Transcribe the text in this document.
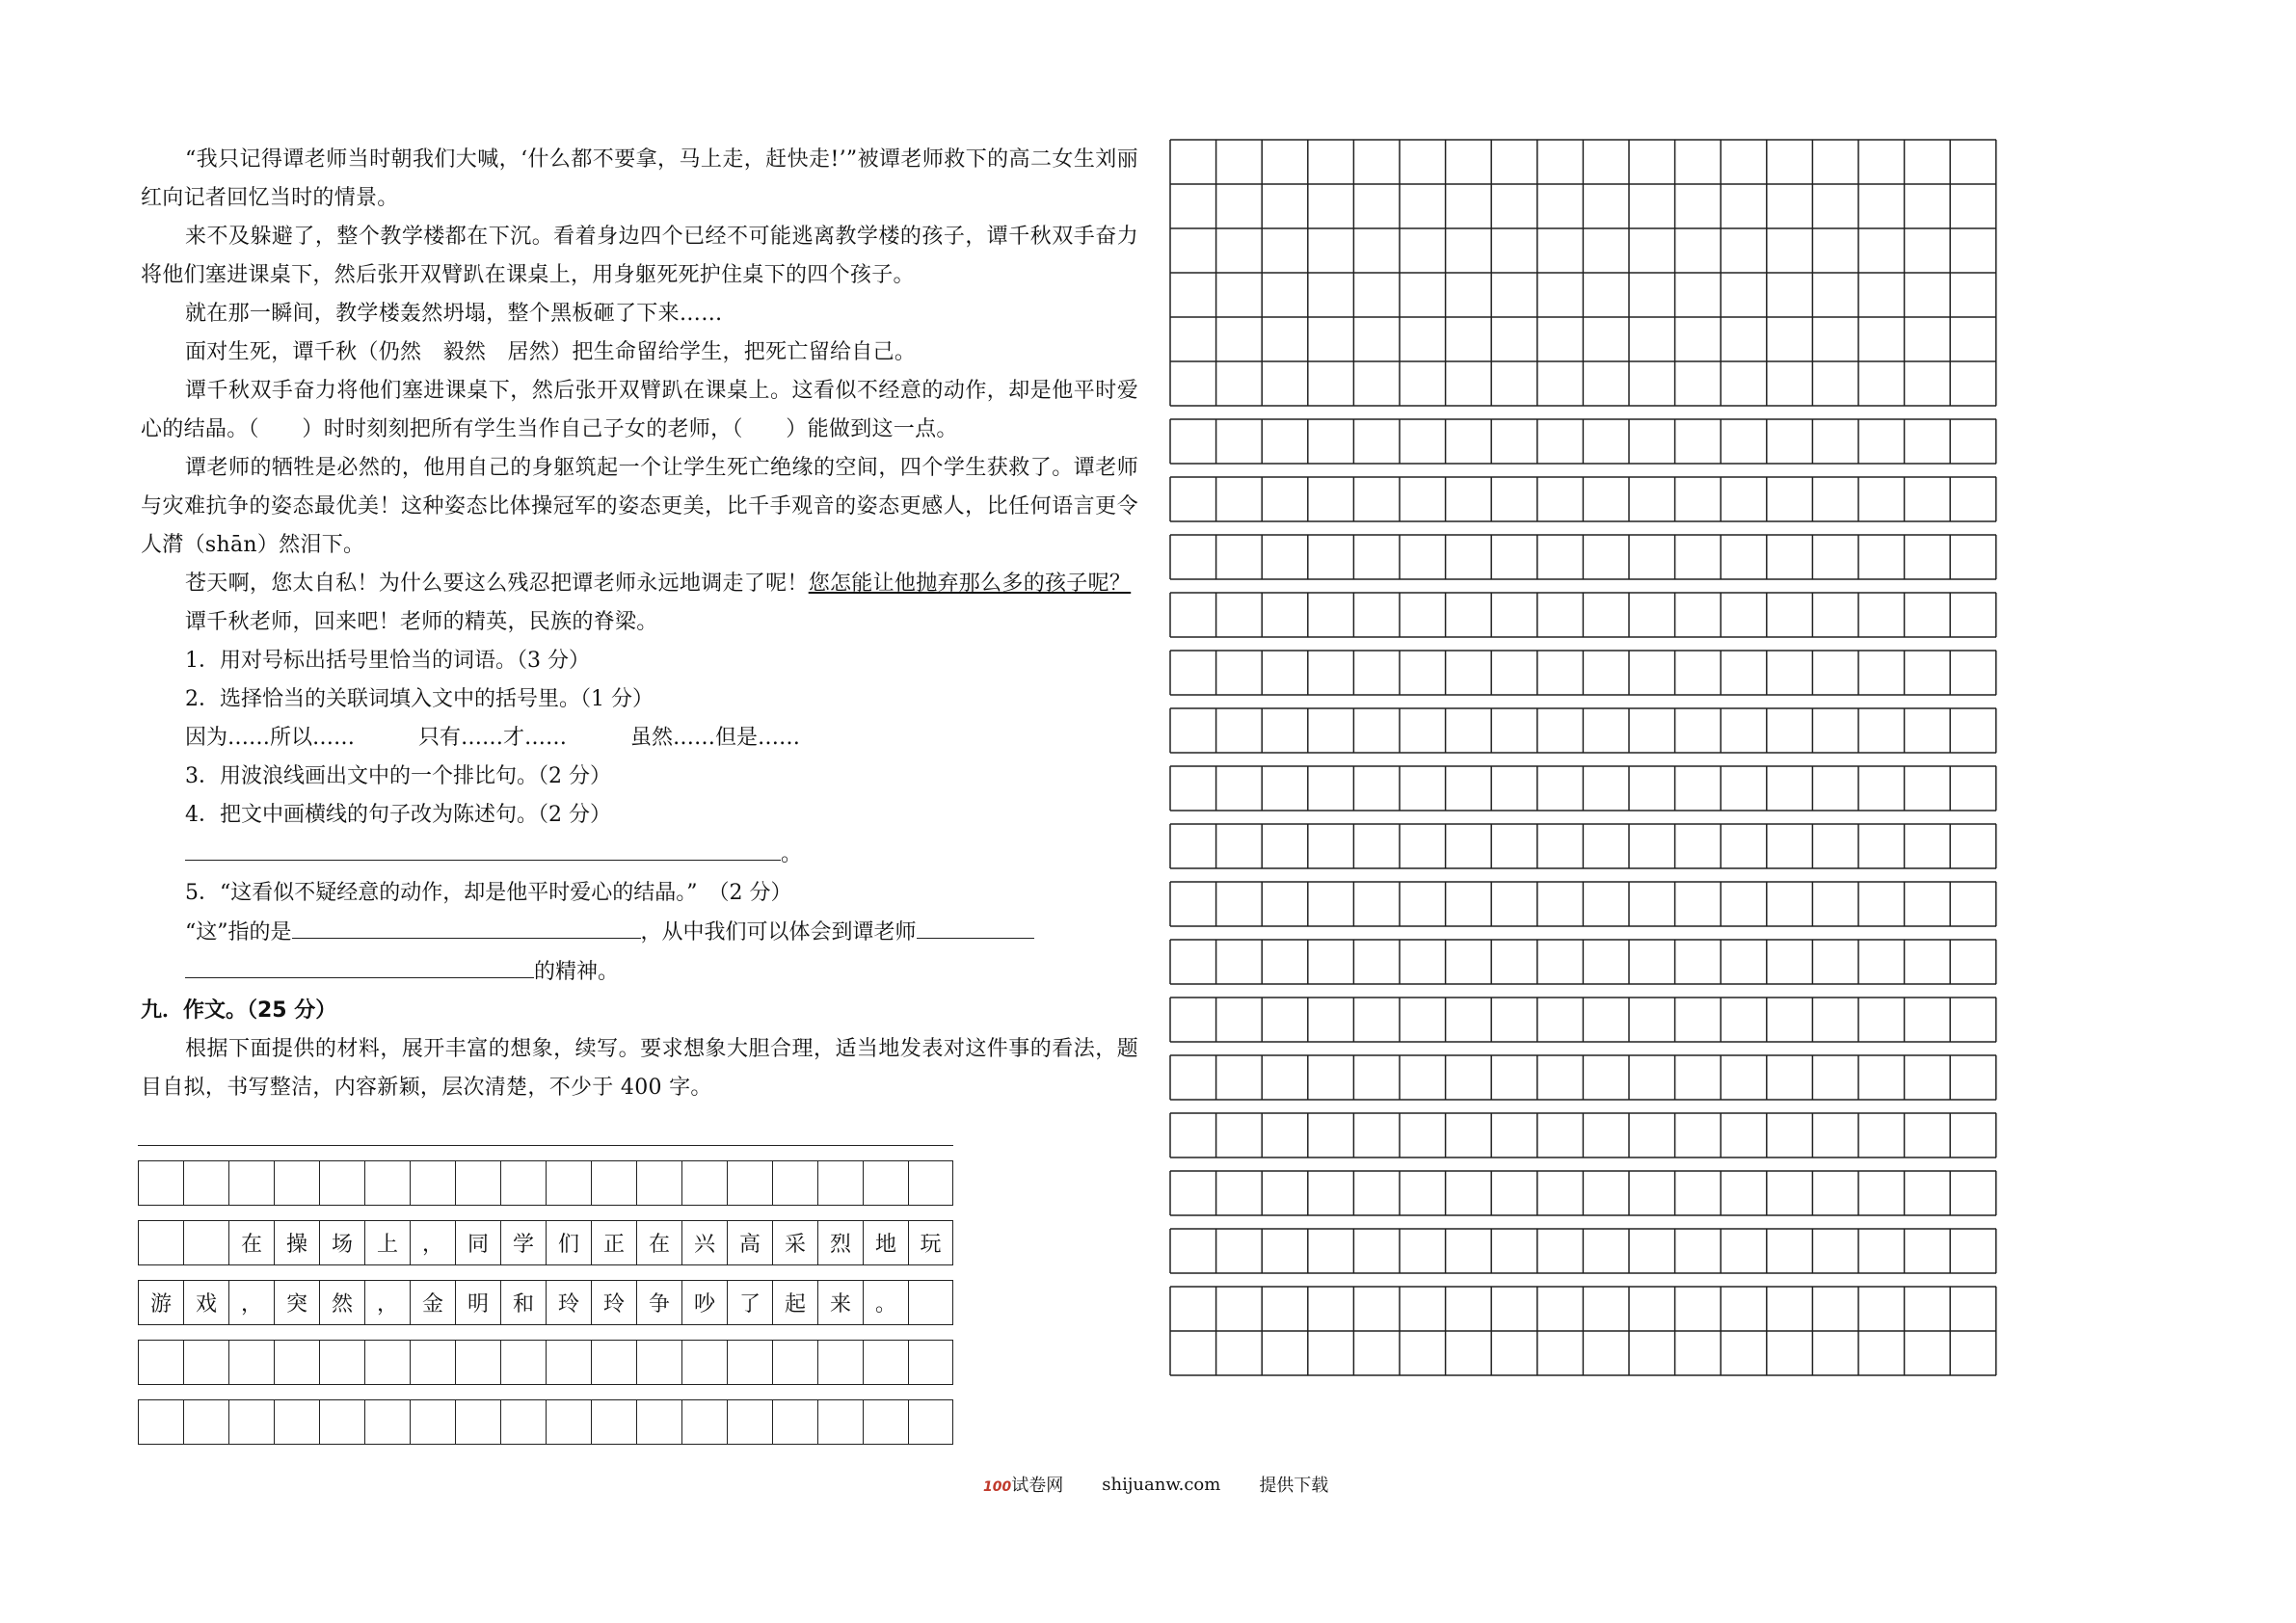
“我只记得谭老师当时朝我们大喊，‘什么都不要拿，马上走，赶快走!’”被谭老师救下的高二女生刘丽红向记者回忆当时的情景。

来不及躲避了，整个教学楼都在下沉。看着身边四个已经不可能逃离教学楼的孩子，谭千秋双手奋力将他们塞进课桌下，然后张开双臂趴在课桌上，用身躯死死护住桌下的四个孩子。

就在那一瞬间，教学楼轰然坍塌，整个黑板砸了下来……

面对生死，谭千秋（仍然　毅然　居然）把生命留给学生，把死亡留给自己。

谭千秋双手奋力将他们塞进课桌下，然后张开双臂趴在课桌上。这看似不经意的动作，却是他平时爱心的结晶。（　　）时时刻刻把所有学生当作自己子女的老师，（　　）能做到这一点。

谭老师的牺牲是必然的，他用自己的身躯筑起一个让学生死亡绝缘的空间，四个学生获救了。谭老师与灾难抗争的姿态最优美！这种姿态比体操冠军的姿态更美，比千手观音的姿态更感人，比任何语言更令人潸（shān）然泪下。

苍天啊，您太自私！为什么要这么残忍把谭老师永远地调走了呢！您怎能让他抛弃那么多的孩子呢？

谭千秋老师，回来吧！老师的精英，民族的脊梁。

1．用对号标出括号里恰当的词语。（3 分）

2．选择恰当的关联词填入文中的括号里。（1 分）

因为……所以……　　　只有……才……　　　虽然……但是……

3．用波浪线画出文中的一个排比句。（2 分）

4．把文中画横线的句子改为陈述句。（2 分）

。

5．“这看似不疑经意的动作，却是他平时爱心的结晶。”　（2 分）

“这”指的是	，从中我们可以体会到谭老师

的精神。

九．作文。（25 分）

根据下面提供的材料，展开丰富的想象，续写。要求想象大胆合理，适当地发表对这件事的看法，题目自拟，书写整洁，内容新颖，层次清楚，不少于 400 字。

在	操	场	上	，	同	学	们	正	在	兴	高	采	烈	地	玩
游	戏	，	突	然	，	金	明	和	玲	玲	争	吵	了	起	来	。
100试卷网 shijuanw.com 提供下载
